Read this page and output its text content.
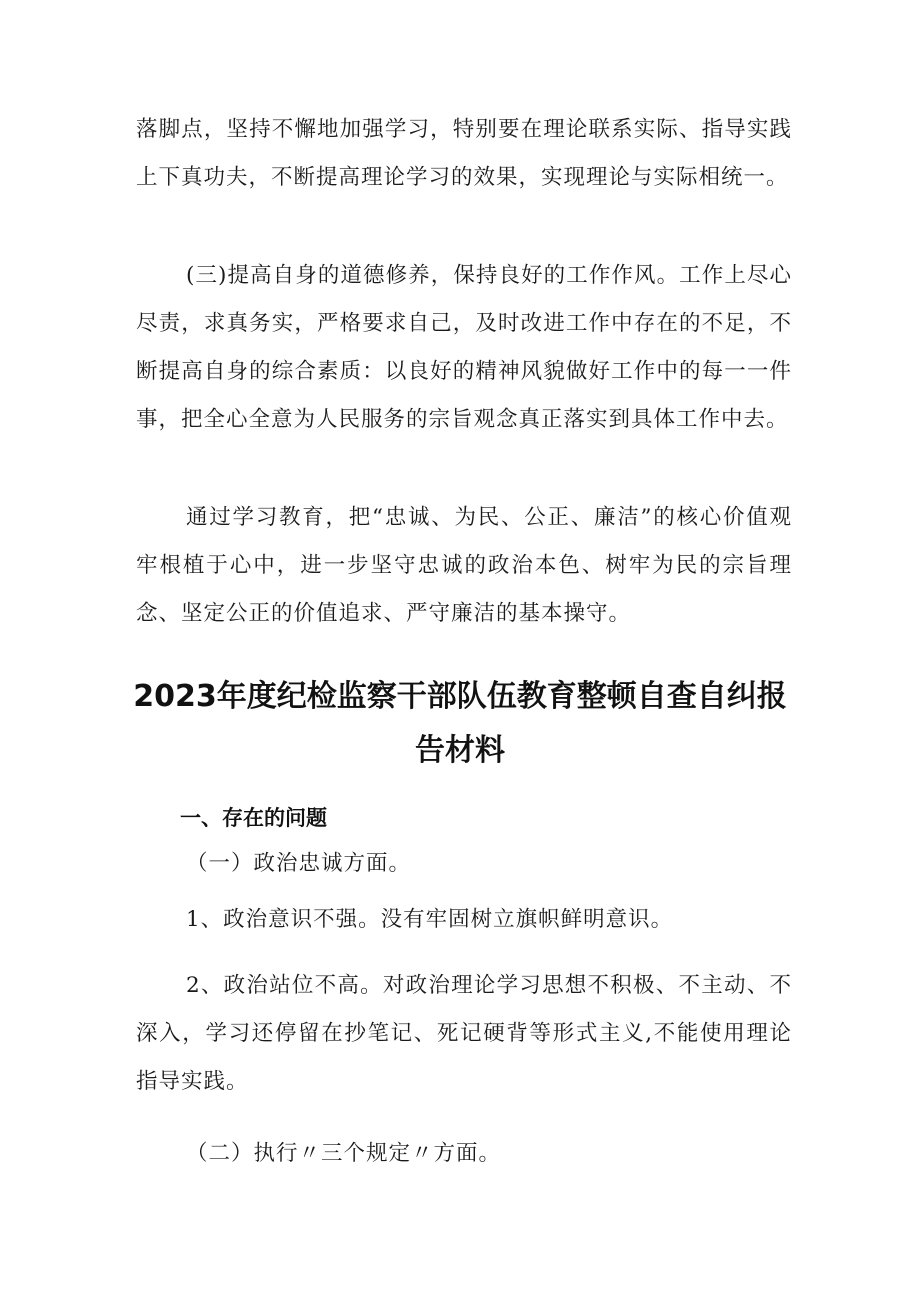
落脚点，坚持不懈地加强学习，特别要在理论联系实际、指导实践上下真功夫，不断提高理论学习的效果，实现理论与实际相统一。

(三)提高自身的道德修养，保持良好的工作作风。工作上尽心尽责，求真务实，严格要求自己，及时改进工作中存在的不足，不断提高自身的综合素质：以良好的精神风貌做好工作中的每一一件事，把全心全意为人民服务的宗旨观念真正落实到具体工作中去。

通过学习教育，把“忠诚、为民、公正、廉洁”的核心价值观牢根植于心中，进一步坚守忠诚的政治本色、树牢为民的宗旨理念、坚定公正的价值追求、严守廉洁的基本操守。

2023年度纪检监察干部队伍教育整顿自查自纠报告材料
一、存在的问题

（一）政治忠诚方面。

1、政治意识不强。没有牢固树立旗帜鲜明意识。

2、政治站位不高。对政治理论学习思想不积极、不主动、不深入，学习还停留在抄笔记、死记硬背等形式主义,不能使用理论指导实践。

（二）执行〃三个规定〃方面。
